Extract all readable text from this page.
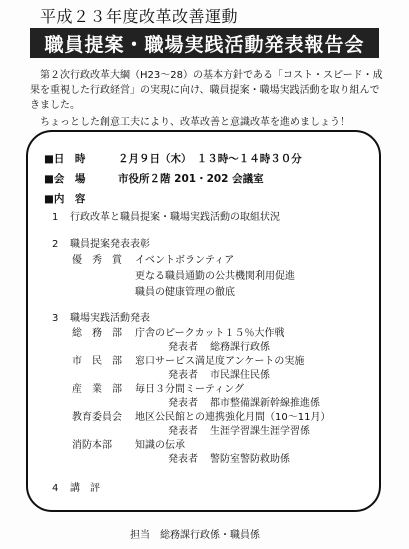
平成２３年度改革改善運動
職員提案・職場実践活動発表報告会

第２次行政改革大綱（H23～28）の基本方針である「コスト・スピード・成

果を重視した行政経営」の実現に向け、職員提案・職場実践活動を取り組んで

きました。

ちょっとした創意工夫により、改革改善と意識改革を進めましょう！

■日　時	２月９日（木）　１３時～１４時３０分
■会　場	市役所２階 201・202 会議室
■内　容
1 行政改革と職員提案・職場実践活動の取組状況
2 職員提案発表表彰
優　秀　賞 イベントボランティア
更なる職員通勤の公共機関利用促進
職員の健康管理の徹底
3 職場実践活動発表
総　務　部 庁舎のピークカット１５％大作戦
発表者 総務課行政係
市　民　部 窓口サービス満足度アンケートの実施
発表者 市民課住民係
産　業　部 毎日３分間ミーティング
発表者 都市整備課新幹線推進係
教育委員会 地区公民館との連携強化月間（10～11月）
発表者 生涯学習課生涯学習係
消防本部 知識の伝承
発表者 警防室警防救助係
4 講　評
担当　総務課行政係・職員係
